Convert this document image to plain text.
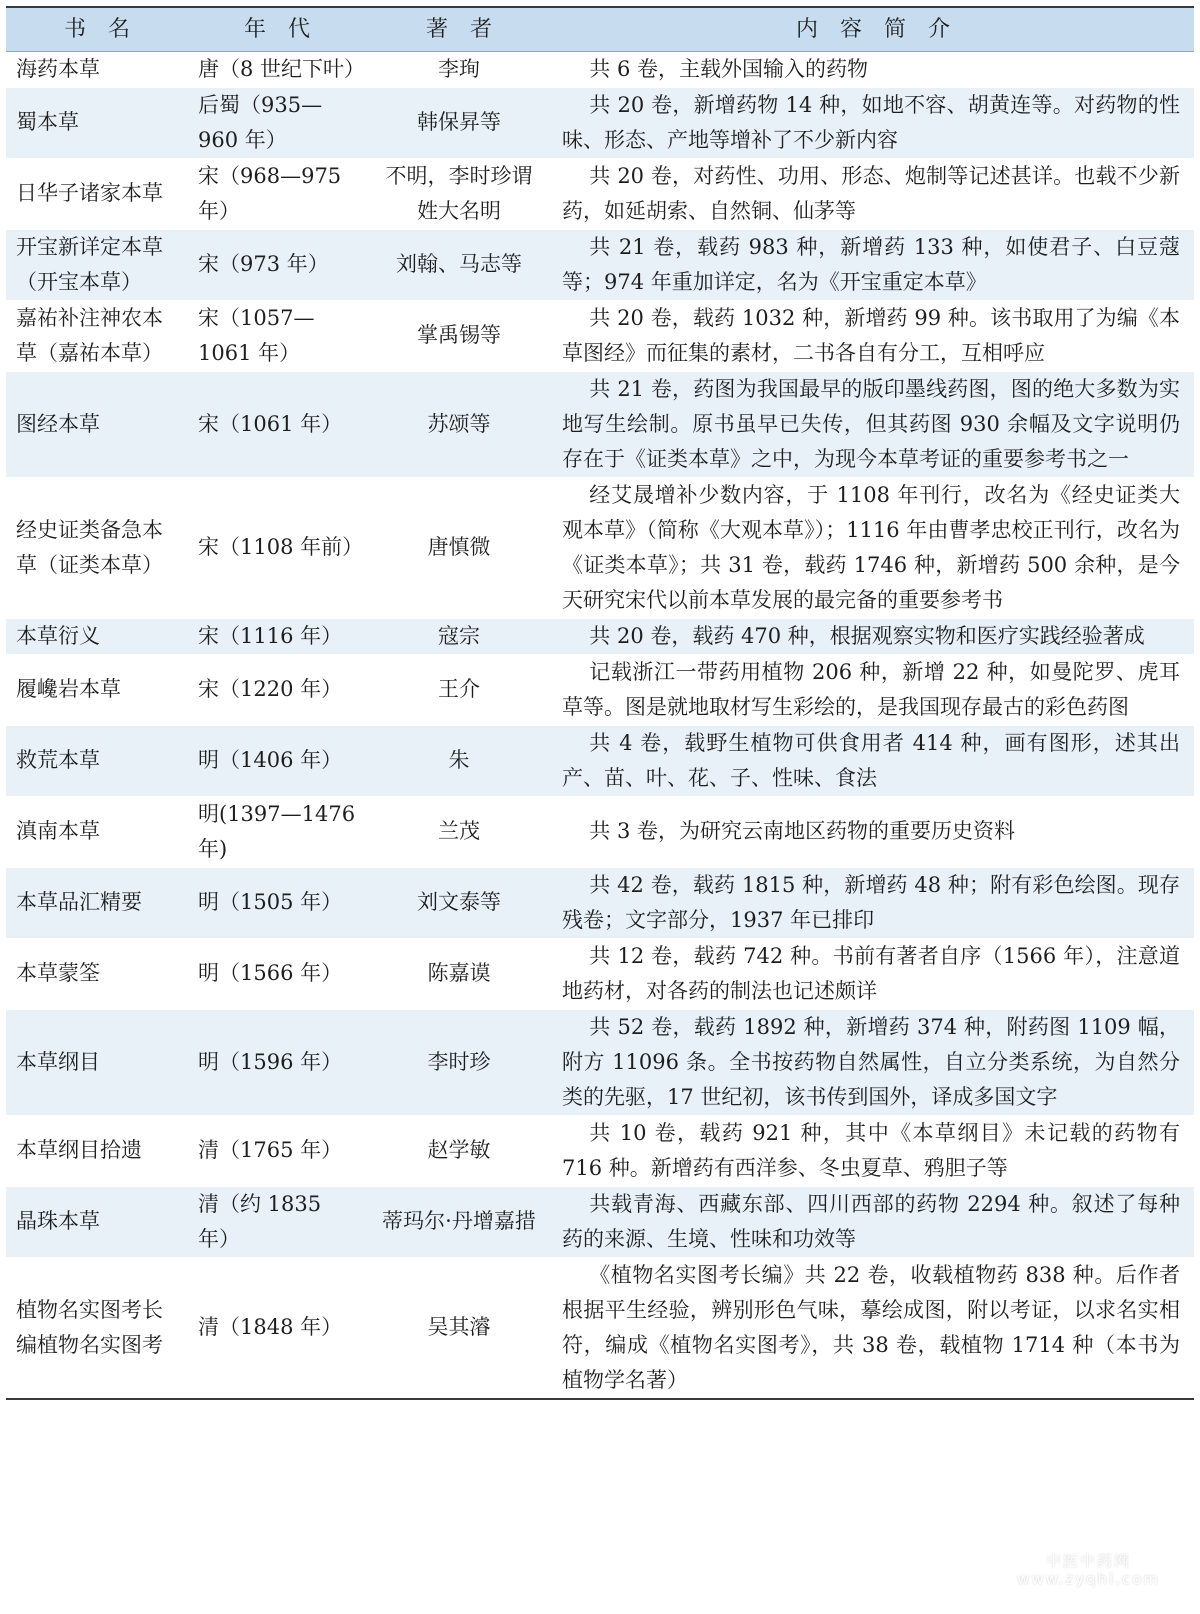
书　名	年　代	著　者	内　容　简　介
海药本草	唐（8 世纪下叶）	李珣	共 6 卷，主载外国输入的药物
蜀本草	后蜀（935—960 年）	韩保昇等	共 20 卷，新增药物 14 种，如地不容、胡黄连等。对药物的性味、形态、产地等增补了不少新内容
日华子诸家本草	宋（968—975 年）	不明，李时珍谓姓大名明	共 20 卷，对药性、功用、形态、炮制等记述甚详。也载不少新药，如延胡索、自然铜、仙茅等
开宝新详定本草（开宝本草）	宋（973 年）	刘翰、马志等	共 21 卷，载药 983 种，新增药 133 种，如使君子、白豆蔻等；974 年重加详定，名为《开宝重定本草》
嘉祐补注神农本草（嘉祐本草）	宋（1057—1061 年）	掌禹锡等	共 20 卷，载药 1032 种，新增药 99 种。该书取用了为编《本草图经》而征集的素材，二书各自有分工，互相呼应
图经本草	宋（1061 年）	苏颂等	共 21 卷，药图为我国最早的版印墨线药图，图的绝大多数为实地写生绘制。原书虽早已失传，但其药图 930 余幅及文字说明仍存在于《证类本草》之中，为现今本草考证的重要参考书之一
经史证类备急本草（证类本草）	宋（1108 年前）	唐慎微	经艾晟增补少数内容，于 1108 年刊行，改名为《经史证类大观本草》（简称《大观本草》）；1116 年由曹孝忠校正刊行，改名为《证类本草》；共 31 卷，载药 1746 种，新增药 500 余种，是今天研究宋代以前本草发展的最完备的重要参考书
本草衍义	宋（1116 年）	寇宗	共 20 卷，载药 470 种，根据观察实物和医疗实践经验著成
履巉岩本草	宋（1220 年）	王介	记载浙江一带药用植物 206 种，新增 22 种，如曼陀罗、虎耳草等。图是就地取材写生彩绘的，是我国现存最古的彩色药图
救荒本草	明（1406 年）	朱	共 4 卷，载野生植物可供食用者 414 种，画有图形，述其出产、苗、叶、花、子、性味、食法
滇南本草	明(1397—1476 年)	兰茂	共 3 卷，为研究云南地区药物的重要历史资料
本草品汇精要	明（1505 年）	刘文泰等	共 42 卷，载药 1815 种，新增药 48 种；附有彩色绘图。现存残卷；文字部分，1937 年已排印
本草蒙筌	明（1566 年）	陈嘉谟	共 12 卷，载药 742 种。书前有著者自序（1566 年），注意道地药材，对各药的制法也记述颇详
本草纲目	明（1596 年）	李时珍	共 52 卷，载药 1892 种，新增药 374 种，附药图 1109 幅，附方 11096 条。全书按药物自然属性，自立分类系统，为自然分类的先驱，17 世纪初，该书传到国外，译成多国文字
本草纲目拾遗	清（1765 年）	赵学敏	共 10 卷，载药 921 种，其中《本草纲目》未记载的药物有 716 种。新增药有西洋参、冬虫夏草、鸦胆子等
晶珠本草	清（约 1835 年）	蒂玛尔·丹增嘉措	共载青海、西藏东部、四川西部的药物 2294 种。叙述了每种药的来源、生境、性味和功效等
植物名实图考长编植物名实图考	清（1848 年）	吴其濬	《植物名实图考长编》共 22 卷，收载植物药 838 种。后作者根据平生经验，辨别形色气味，摹绘成图，附以考证，以求名实相符，编成《植物名实图考》，共 38 卷，载植物 1714 种（本书为植物学名著）
中医中药网
www.zyqhi.com
